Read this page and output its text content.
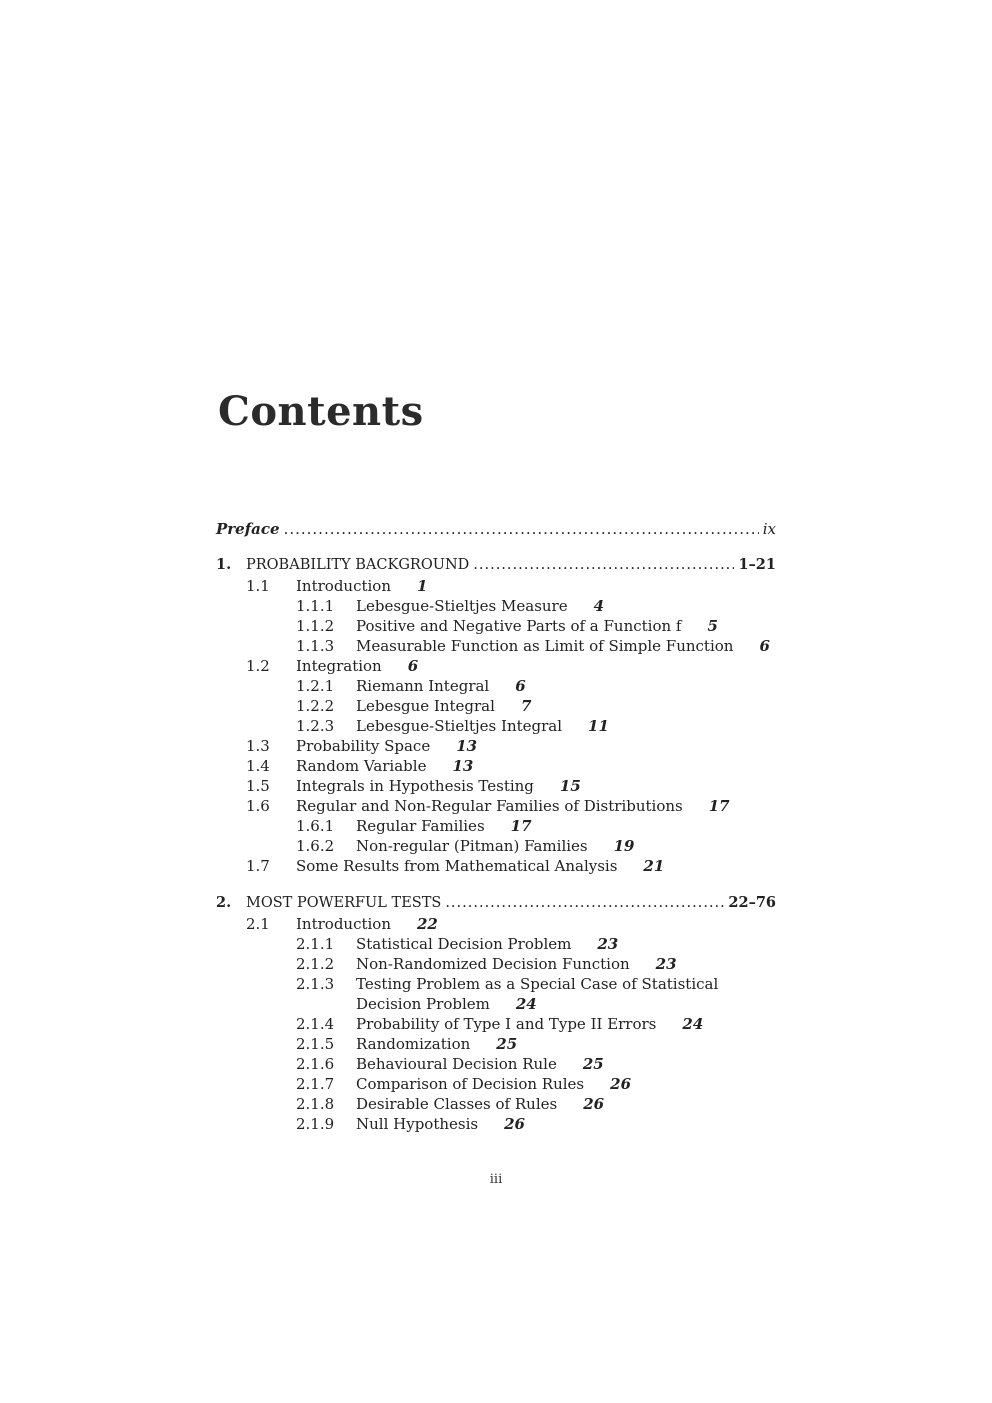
Contents
Preface .....	ix
1.	PROBABILITY BACKGROUND .....	1–21
1.1 Introduction 1
1.1.1 Lebesgue-Stieltjes Measure 4
1.1.2 Positive and Negative Parts of a Function f 5
1.1.3 Measurable Function as Limit of Simple Function 6
1.2 Integration 6
1.2.1 Riemann Integral 6
1.2.2 Lebesgue Integral 7
1.2.3 Lebesgue-Stieltjes Integral 11
1.3 Probability Space 13
1.4 Random Variable 13
1.5 Integrals in Hypothesis Testing 15
1.6 Regular and Non-Regular Families of Distributions 17
1.6.1 Regular Families 17
1.6.2 Non-regular (Pitman) Families 19
1.7 Some Results from Mathematical Analysis 21
2.	MOST POWERFUL TESTS .....	22–76
2.1 Introduction 22
2.1.1 Statistical Decision Problem 23
2.1.2 Non-Randomized Decision Function 23
2.1.3 Testing Problem as a Special Case of Statistical
Decision Problem 24
2.1.4 Probability of Type I and Type II Errors 24
2.1.5 Randomization 25
2.1.6 Behavioural Decision Rule 25
2.1.7 Comparison of Decision Rules 26
2.1.8 Desirable Classes of Rules 26
2.1.9 Null Hypothesis 26
iii
